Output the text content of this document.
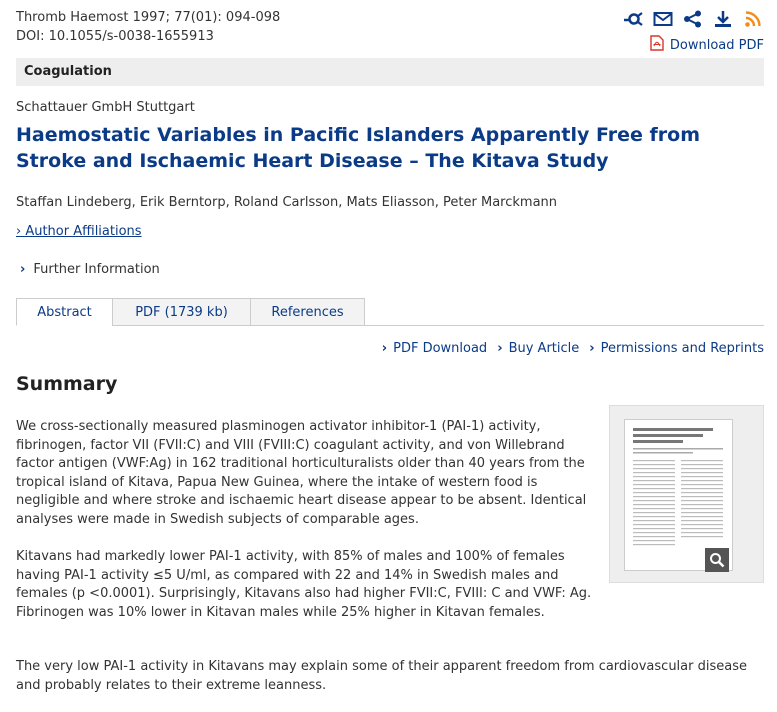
Thromb Haemost 1997; 77(01): 094-098
DOI: 10.1055/s-0038-1655913
Download PDF
Coagulation
Schattauer GmbH Stuttgart
Haemostatic Variables in Pacific Islanders Apparently Free from Stroke and Ischaemic Heart Disease – The Kitava Study
Staffan Lindeberg, Erik Berntorp, Roland Carlsson, Mats Eliasson, Peter Marckmann
› Author Affiliations
› Further Information
Abstract	PDF (1739 kb)	References
› PDF Download › Buy Article › Permissions and Reprints
Summary

We cross-sectionally measured plasminogen activator inhibitor-1 (PAI-1) activity, fibrinogen, factor VII (FVII:C) and VIII (FVIII:C) coagulant activity, and von Willebrand factor antigen (VWF:Ag) in 162 traditional horticulturalists older than 40 years from the tropical island of Kitava, Papua New Guinea, where the intake of western food is negligible and where stroke and ischaemic heart disease appear to be absent. Identical analyses were made in Swedish subjects of comparable ages.

Kitavans had markedly lower PAI-1 activity, with 85% of males and 100% of females having PAI-1 activity ≤5 U/ml, as compared with 22 and 14% in Swedish males and females (p <0.0001). Surprisingly, Kitavans also had higher FVII:C, FVIII: C and VWF: Ag. Fibrinogen was 10% lower in Kitavan males while 25% higher in Kitavan females.

The very low PAI-1 activity in Kitavans may explain some of their apparent freedom from cardiovascular disease and probably relates to their extreme leanness.
